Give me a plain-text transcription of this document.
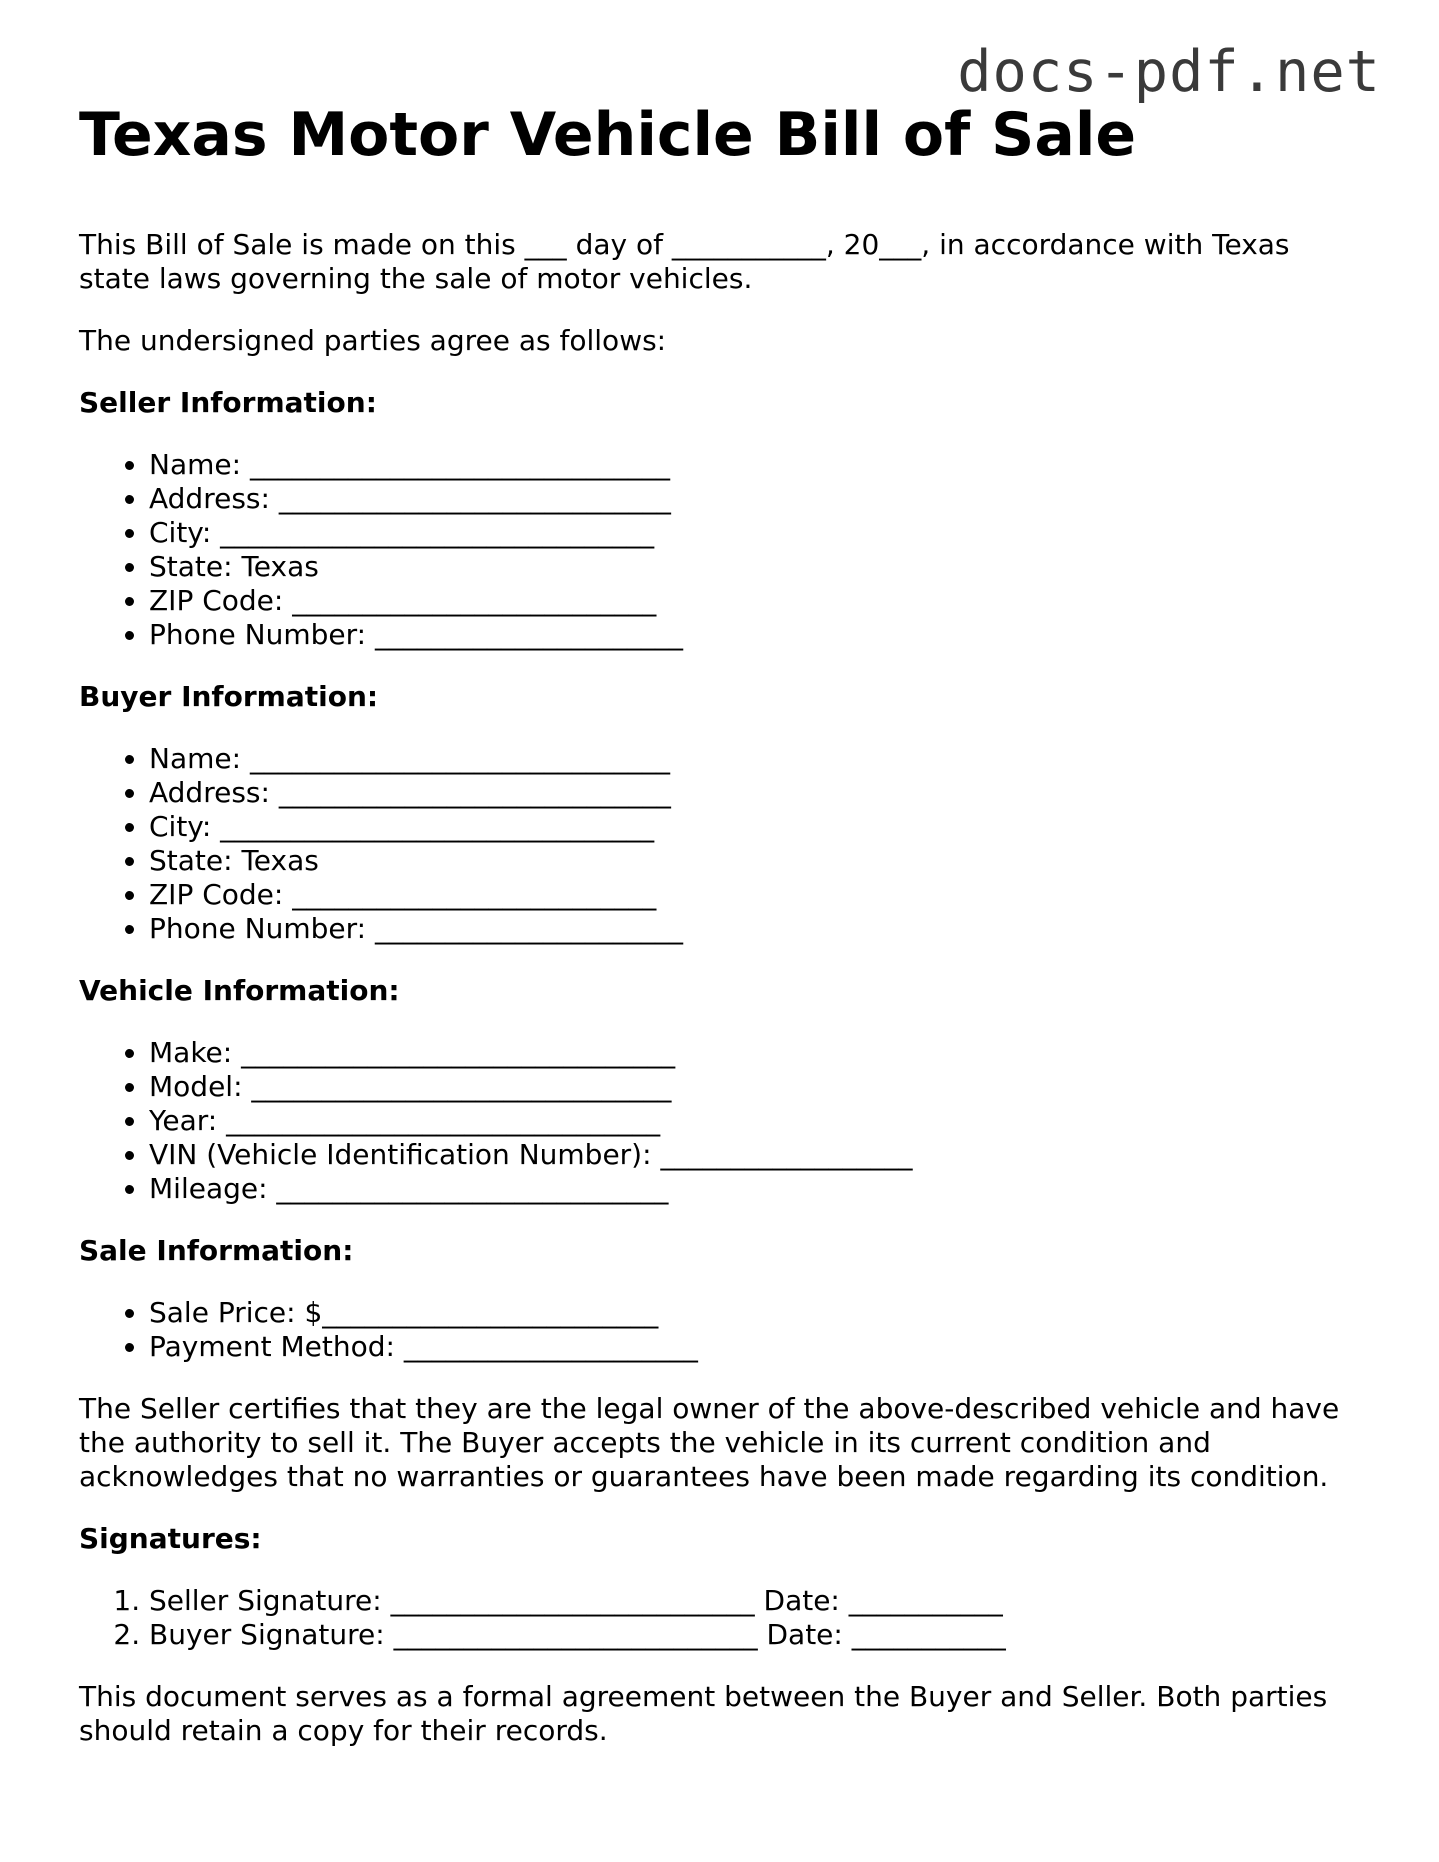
docs-pdf.net
Texas Motor Vehicle Bill of Sale

This Bill of Sale is made on this ___ day of ___________, 20___, in accordance with Texas state laws governing the sale of motor vehicles.

The undersigned parties agree as follows:

Seller Information:
• Name: ______________________________
• Address: ____________________________
• City: _______________________________
• State: Texas
• ZIP Code: __________________________
• Phone Number: ______________________
Buyer Information:
• Name: ______________________________
• Address: ____________________________
• City: _______________________________
• State: Texas
• ZIP Code: __________________________
• Phone Number: ______________________
Vehicle Information:
• Make: _______________________________
• Model: ______________________________
• Year: _______________________________
• VIN (Vehicle Identification Number): __________________
• Mileage: ____________________________
Sale Information:
• Sale Price: $________________________
• Payment Method: _____________________

The Seller certifies that they are the legal owner of the above-described vehicle and have the authority to sell it. The Buyer accepts the vehicle in its current condition and acknowledges that no warranties or guarantees have been made regarding its condition.

Signatures:
1. Seller Signature: __________________________ Date: ___________
2. Buyer Signature: __________________________ Date: ___________

This document serves as a formal agreement between the Buyer and Seller. Both parties should retain a copy for their records.
